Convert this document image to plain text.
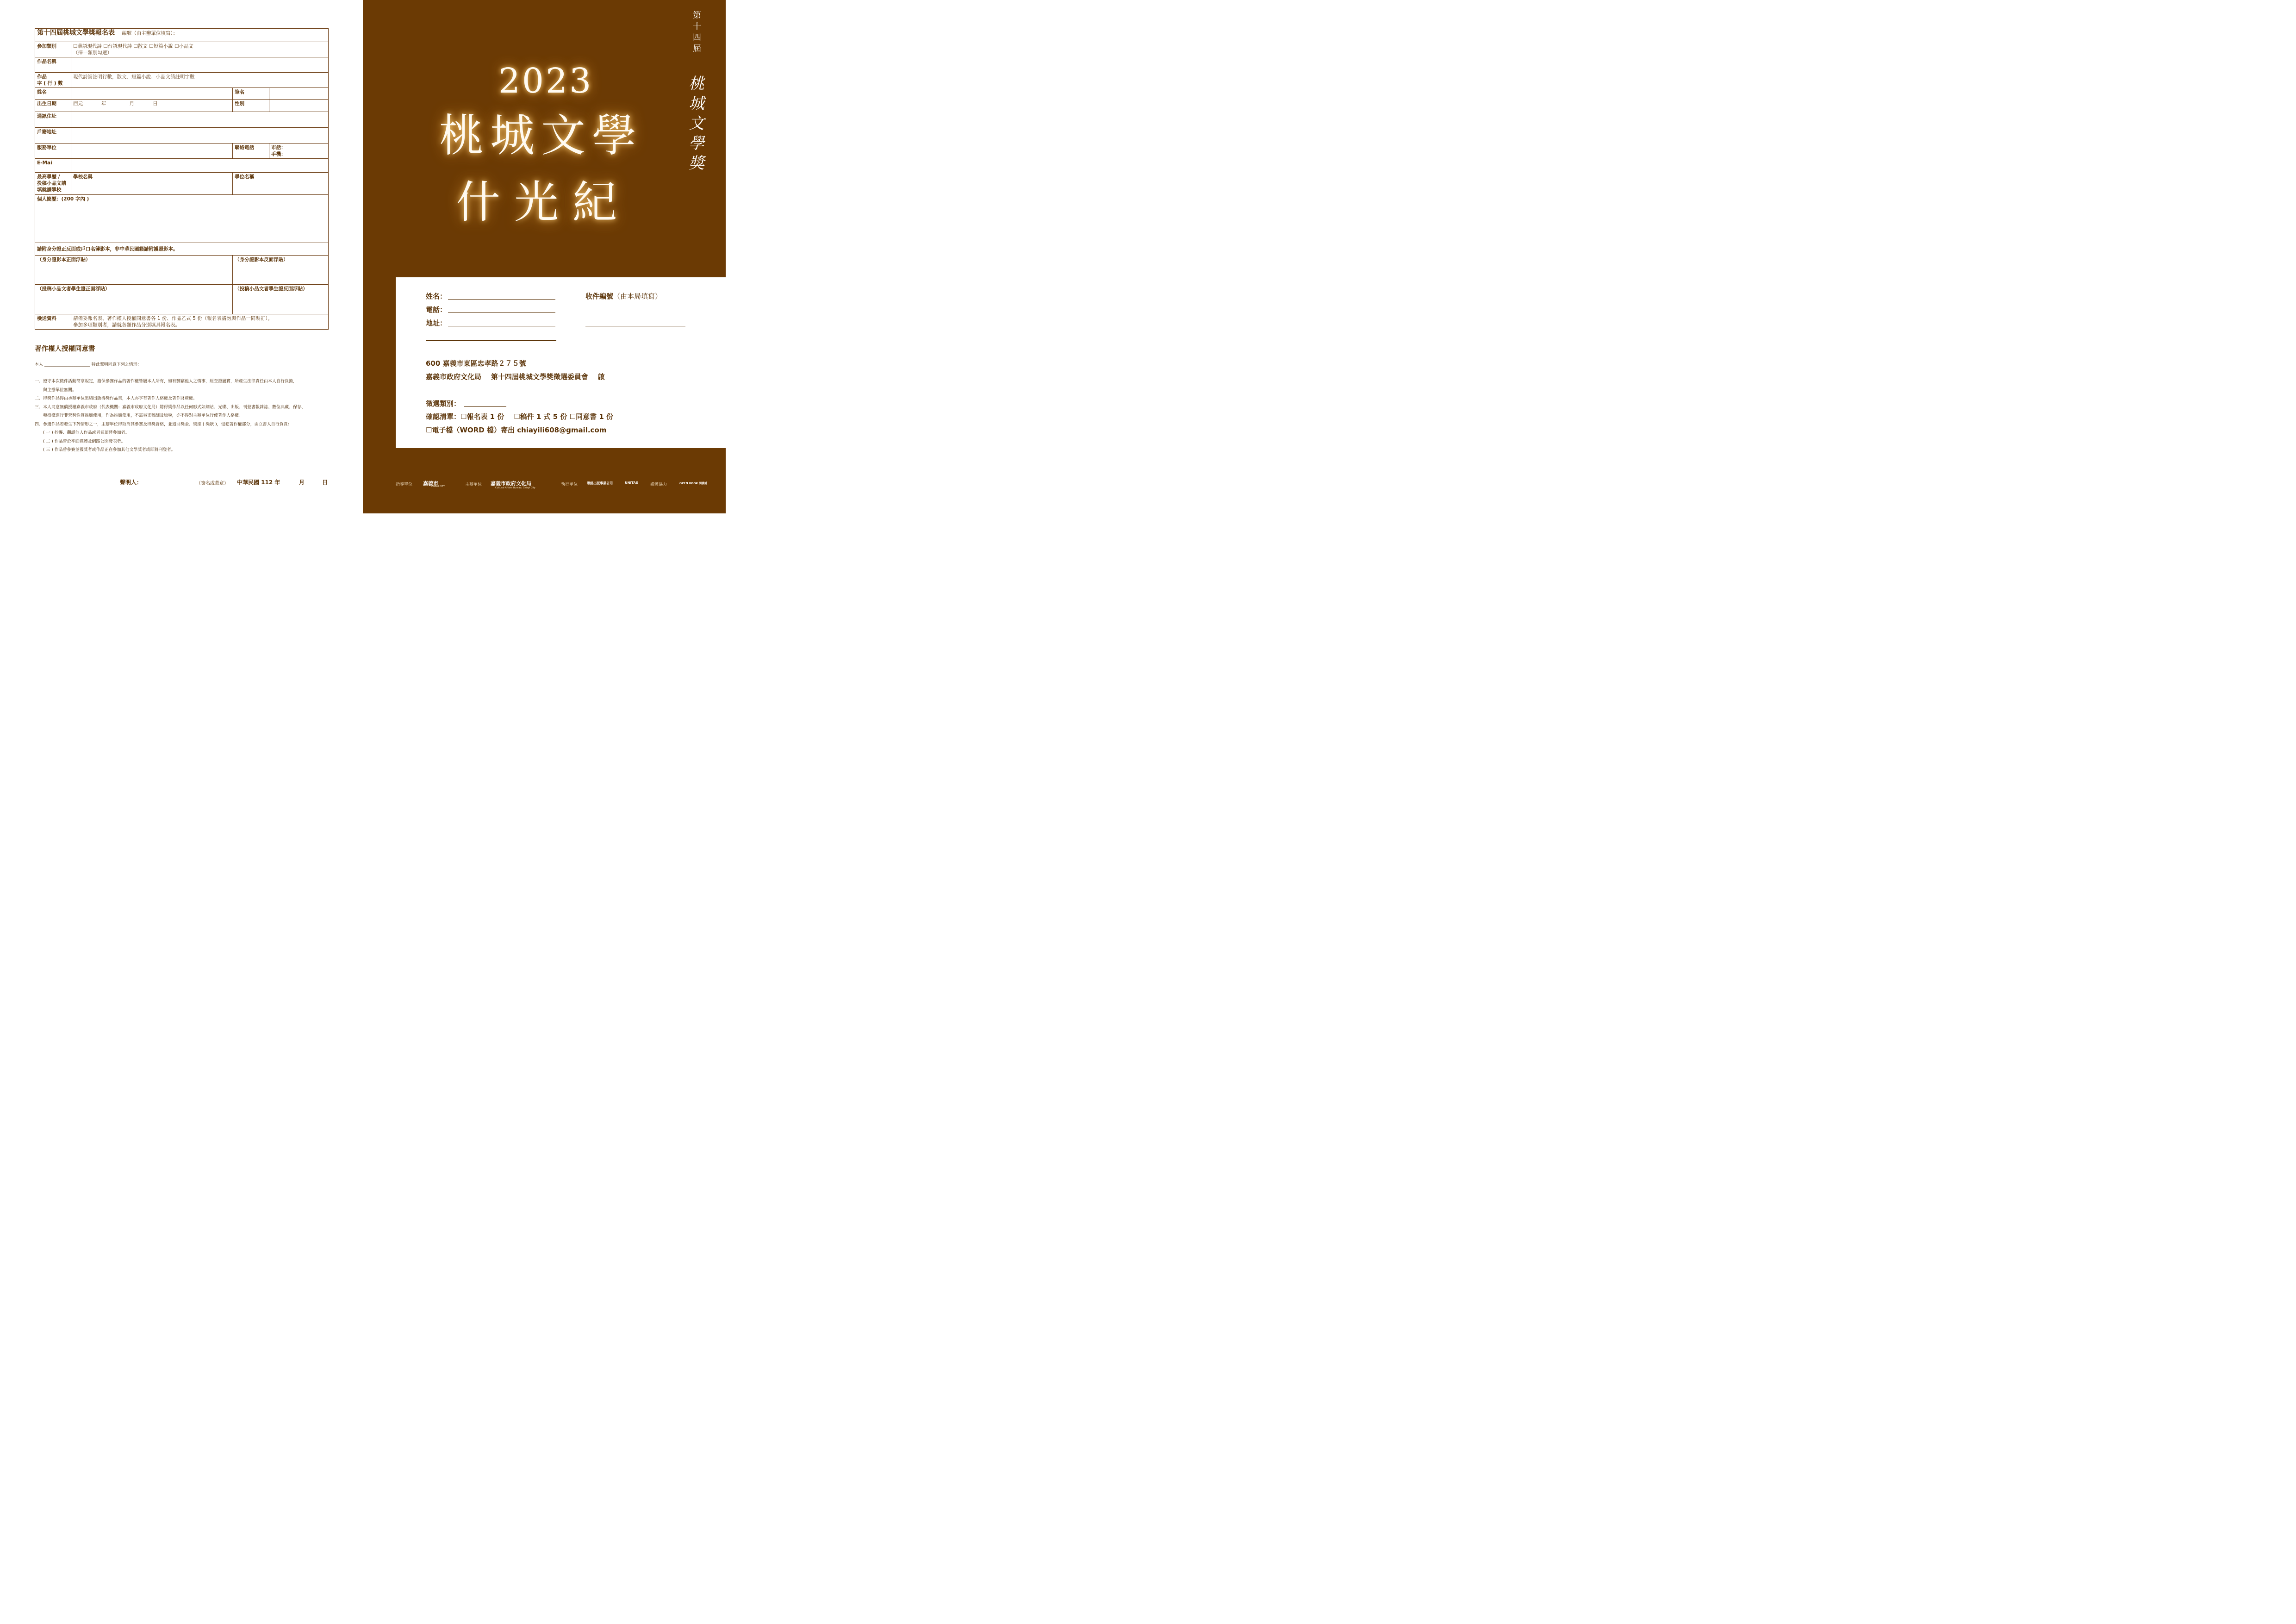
第十四屆桃城文學獎報名表 編號（由主辦單位填寫）：			
參加類別	☐華語現代詩 ☐台語現代詩 ☐散文 ☐短篇小說 ☐小品文
（擇一類別勾選）		

作品名稱			
作品
字 ( 行 ) 數	現代詩請註明行數，散文、短篇小說、小品文請註明字數		
姓名		筆名	
出生日期	西元            年               月            日	性別	
通訊住址			
戶籍地址			
服務單位		聯絡電話	市話：
手機：

E-Mai			
最高學歷 /
投稿小品文請
填就讀學校	學校名稱	學位名稱	
個人簡歷：(200 字內 )			
請附身分證正反面或戶口名簿影本，非中華民國籍請附護照影本。			
（身分證影本正面浮貼）		（身分證影本反面浮貼）	
（投稿小品文者學生證正面浮貼）		（投稿小品文者學生證反面浮貼）	
檢送資料	請備妥報名表、著作權人授權同意書各 1 份、作品乙式 5 份（報名表請勿與作品一同裝訂）。
參加多項類別者，請就各類作品分別填具報名表。		
著作權人授權同意書

本人 ______________________ 特此聲明同意下列之情形：

一、遵守本次徵件活動簡章規定，擔保參賽作品的著作權皆屬本人所有，如有剽竊他人之情事，經查證屬實，所產生法律責任由本人自行負擔，

與主辦單位無關。

二、得獎作品得由承辦單位集結出版得獎作品集，本人亦享有著作人格權及著作財產權。

三、本人同意無償授權嘉義市政府（代表機關：嘉義市政府文化局）將得獎作品以任何形式如網站、光碟、出版、刊登書報雜誌、數位典藏、保存、

轉授權進行非營利性質推廣使用，作為推廣使用，不需另支稿酬及版稅，亦不得對主辦單位行使著作人格權。

四、參選作品若發生下列情形之一，主辦單位得取消其參賽及得獎資格，並追回獎金、獎座 ( 獎狀 )，侵犯著作權部分，由立書人自行負責：

( 一 ) 抄襲、翻譯他人作品或冒名頂替參加者。

( 二 ) 作品曾於平面媒體及網路公開發表者。

( 三 ) 作品曾參賽並獲獎者或作品正在參加其他文學獎者或即將刊登者。

聲明人：	（簽名或蓋章） 中華民國 112 年	月	日
第十四屆
桃城文學獎
2023
桃城文學
什光紀
姓名：
電話：
地址：
收件編號（由本局填寫）
600 嘉義市東區忠孝路２７５號
嘉義市政府文化局    第十四屆桃城文學獎徵選委員會    啟
徵選類別：
確認清單：☐報名表 1 份    ☐稿件 1 式 5 份 ☐同意書 1 份
☐電子檔（WORD 檔）寄出 chiayili608@gmail.com
指導單位 嘉義市
CHIAYI CITY	主辦單位 嘉義市政府文化局
Cultural Affairs Bureau, Chiayi City
執行單位	聯經出版事業公司	UNITAS	媒體協力	OPEN BOOK 閱讀誌
